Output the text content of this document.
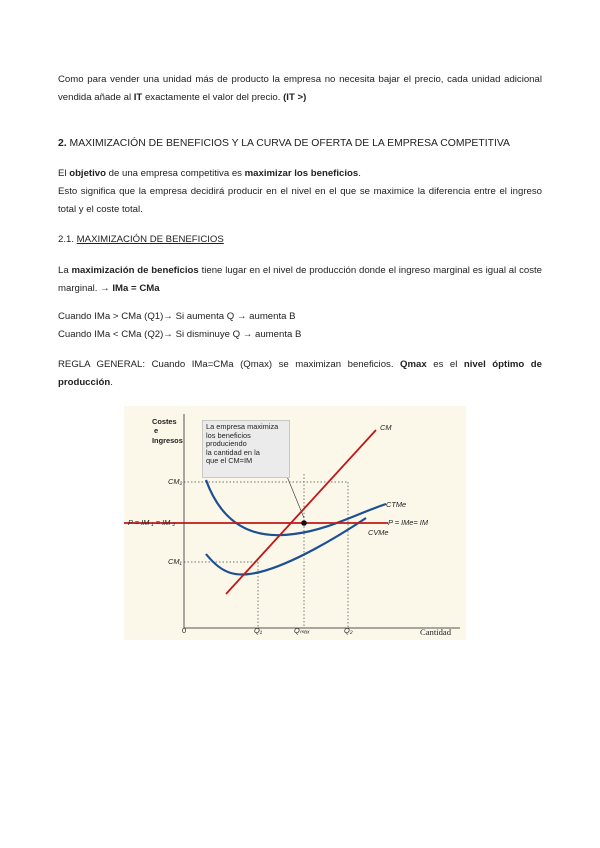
Como para vender una unidad más de producto la empresa no necesita bajar el precio, cada unidad adicional vendida añade al IT exactamente el valor del precio. (IT >)

2. MAXIMIZACIÓN DE BENEFICIOS Y LA CURVA DE OFERTA DE LA EMPRESA COMPETITIVA

El objetivo de una empresa competitiva es maximizar los beneficios.
Esto significa que la empresa decidirá producir en el nivel en el que se maximice la diferencia entre el ingreso total y el coste total.

2.1. MAXIMIZACIÓN DE BENEFICIOS

La maximización de beneficios tiene lugar en el nivel de producción donde el ingreso marginal es igual al coste marginal. → IMa = CMa

Cuando IMa > CMa (Q1)→ Si aumenta Q → aumenta B
Cuando IMa < CMa (Q2)→ Si disminuye Q → aumenta B

REGLA GENERAL: Cuando IMa=CMa (Qmax) se maximizan beneficios. Qmax es el nivel óptimo de producción.

Costes
e
Ingresos
La empresa maximiza
los beneficios
produciendo
la cantidad en la
que el CM=IM
CM₂
P = IM ₁ = IM ₂
CM₁
0	Q₁	Qₘₐₓ	Q₂	Cantidad
CM
CTMe
P = IMe= IM
CVMe
